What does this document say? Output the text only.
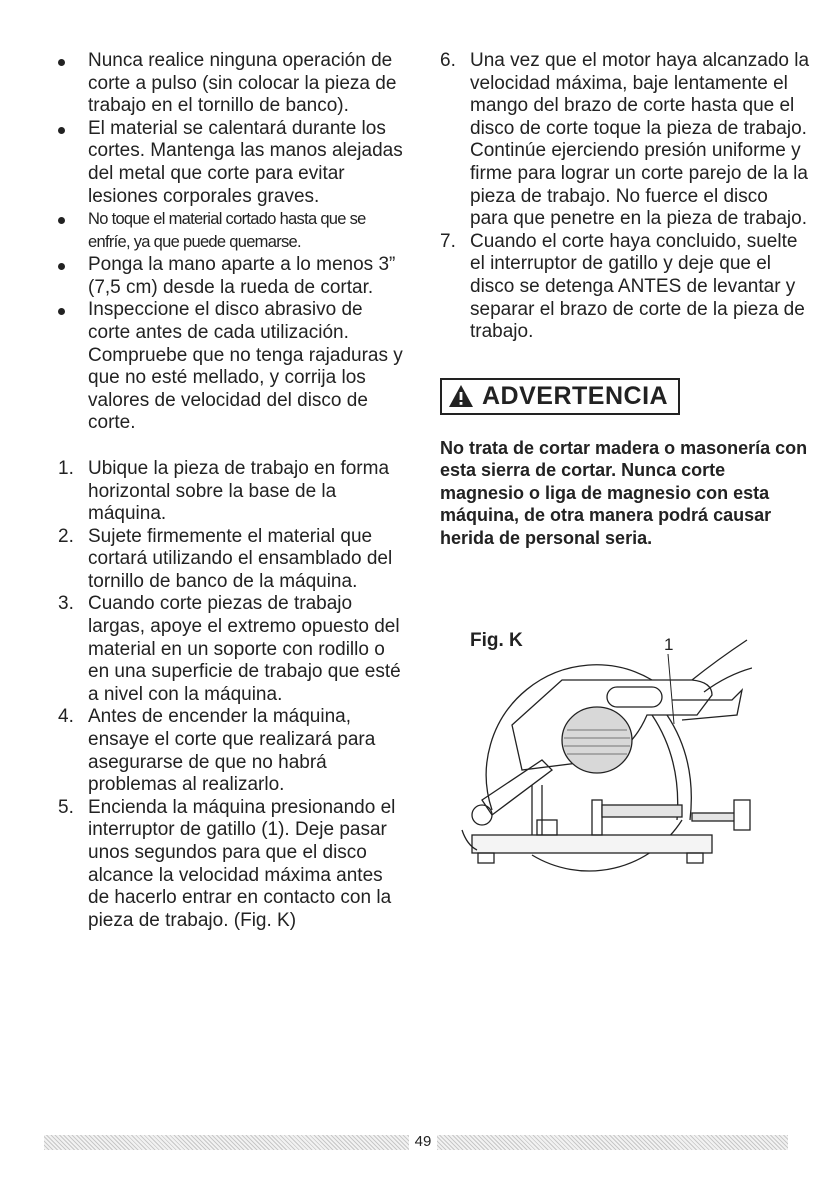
Nunca realice ninguna operación de corte a pulso (sin colocar la pieza de trabajo en el tornillo de banco).
El material se calentará durante los cortes. Mantenga las manos alejadas del metal que corte para evitar lesiones corporales graves.
No toque el material cortado hasta que se enfríe, ya que puede quemarse.
Ponga la mano aparte a lo menos 3” (7,5 cm) desde la rueda de cortar.
Inspeccione el disco abrasivo de corte antes de cada utilización. Compruebe que no tenga rajaduras y que no esté mellado, y corrija los valores de velocidad del disco de corte.
1. Ubique la pieza de trabajo en forma horizontal sobre la base de la máquina.
2. Sujete firmemente el material que cortará utilizando el ensamblado del tornillo de banco de la máquina.
3. Cuando corte piezas de trabajo largas, apoye el extremo opuesto del material en un soporte con rodillo o en una superficie de trabajo que esté a nivel con la máquina.
4. Antes de encender la máquina, ensaye el corte que realizará para asegurarse de que no habrá problemas al realizarlo.
5. Encienda la máquina presionando el interruptor de gatillo (1). Deje pasar unos segundos para que el disco alcance la velocidad máxima antes de hacerlo entrar en contacto con la pieza de trabajo. (Fig. K)
6. Una vez que el motor haya alcanzado la velocidad máxima, baje lentamente el mango del brazo de corte hasta que el disco de corte toque la pieza de trabajo. Continúe ejerciendo presión uniforme y firme para lograr un corte parejo de la la pieza de trabajo. No fuerce el disco para que penetre en la pieza de trabajo.
7. Cuando el corte haya concluido, suelte el interruptor de gatillo y deje que el disco se detenga ANTES de levantar y separar el brazo de corte de la pieza de trabajo.
ADVERTENCIA
No trata de cortar madera o masonería con esta sierra de cortar. Nunca corte magnesio o liga de magnesio con esta máquina, de otra manera podrá causar herida de personal seria.
Fig. K	1
49
